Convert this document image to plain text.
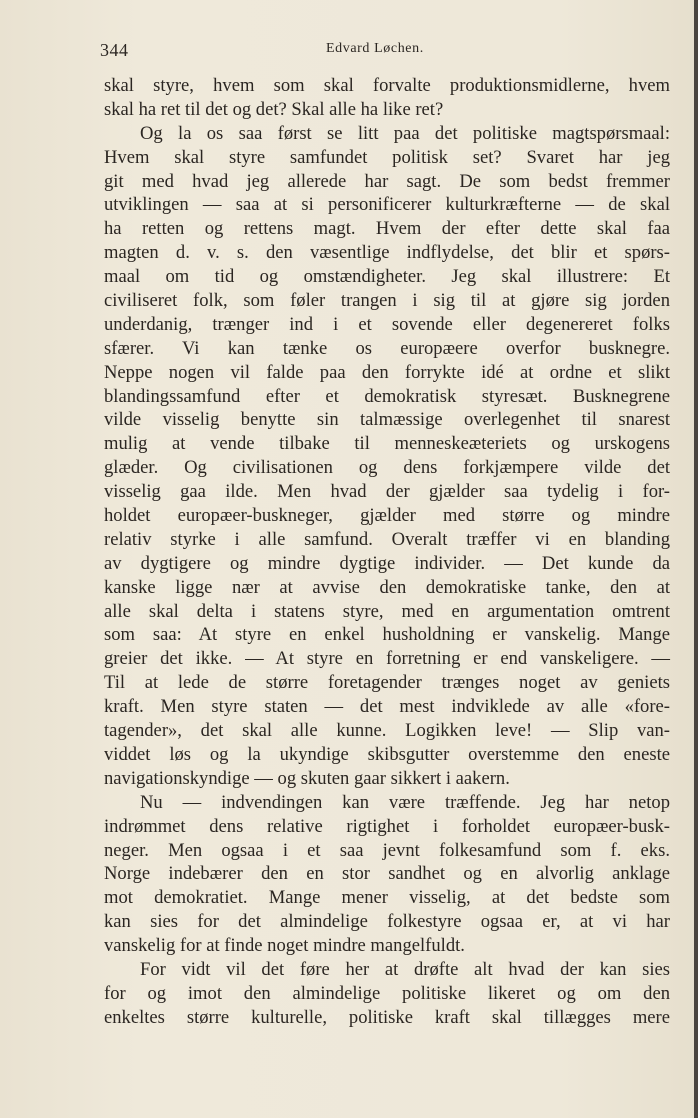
344	Edvard Løchen.
skal styre, hvem som skal forvalte produktionsmidlerne, hvem
skal ha ret til det og det? Skal alle ha like ret?
Og la os saa først se litt paa det politiske magtspørsmaal:
Hvem skal styre samfundet politisk set? Svaret har jeg
git med hvad jeg allerede har sagt. De som bedst fremmer
utviklingen — saa at si personificerer kulturkræfterne — de skal
ha retten og rettens magt. Hvem der efter dette skal faa
magten d. v. s. den væsentlige indflydelse, det blir et spørs-
maal om tid og omstændigheter. Jeg skal illustrere: Et
civiliseret folk, som føler trangen i sig til at gjøre sig jorden
underdanig, trænger ind i et sovende eller degenereret folks
sfærer. Vi kan tænke os europæere overfor busknegre.
Neppe nogen vil falde paa den forrykte idé at ordne et slikt
blandingssamfund efter et demokratisk styresæt. Busknegrene
vilde visselig benytte sin talmæssige overlegenhet til snarest
mulig at vende tilbake til menneskeæteriets og urskogens
glæder. Og civilisationen og dens forkjæmpere vilde det
visselig gaa ilde. Men hvad der gjælder saa tydelig i for-
holdet europæer-buskneger, gjælder med større og mindre
relativ styrke i alle samfund. Overalt træffer vi en blanding
av dygtigere og mindre dygtige individer. — Det kunde da
kanske ligge nær at avvise den demokratiske tanke, den at
alle skal delta i statens styre, med en argumentation omtrent
som saa: At styre en enkel husholdning er vanskelig. Mange
greier det ikke. — At styre en forretning er end vanskeligere. —
Til at lede de større foretagender trænges noget av geniets
kraft. Men styre staten — det mest indviklede av alle «fore-
tagender», det skal alle kunne. Logikken leve! — Slip van-
viddet løs og la ukyndige skibsgutter overstemme den eneste
navigationskyndige — og skuten gaar sikkert i aakern.
Nu — indvendingen kan være træffende. Jeg har netop
indrømmet dens relative rigtighet i forholdet europæer-busk-
neger. Men ogsaa i et saa jevnt folkesamfund som f. eks.
Norge indebærer den en stor sandhet og en alvorlig anklage
mot demokratiet. Mange mener visselig, at det bedste som
kan sies for det almindelige folkestyre ogsaa er, at vi har
vanskelig for at finde noget mindre mangelfuldt.
For vidt vil det føre her at drøfte alt hvad der kan sies
for og imot den almindelige politiske likeret og om den
enkeltes større kulturelle, politiske kraft skal tillægges mere
